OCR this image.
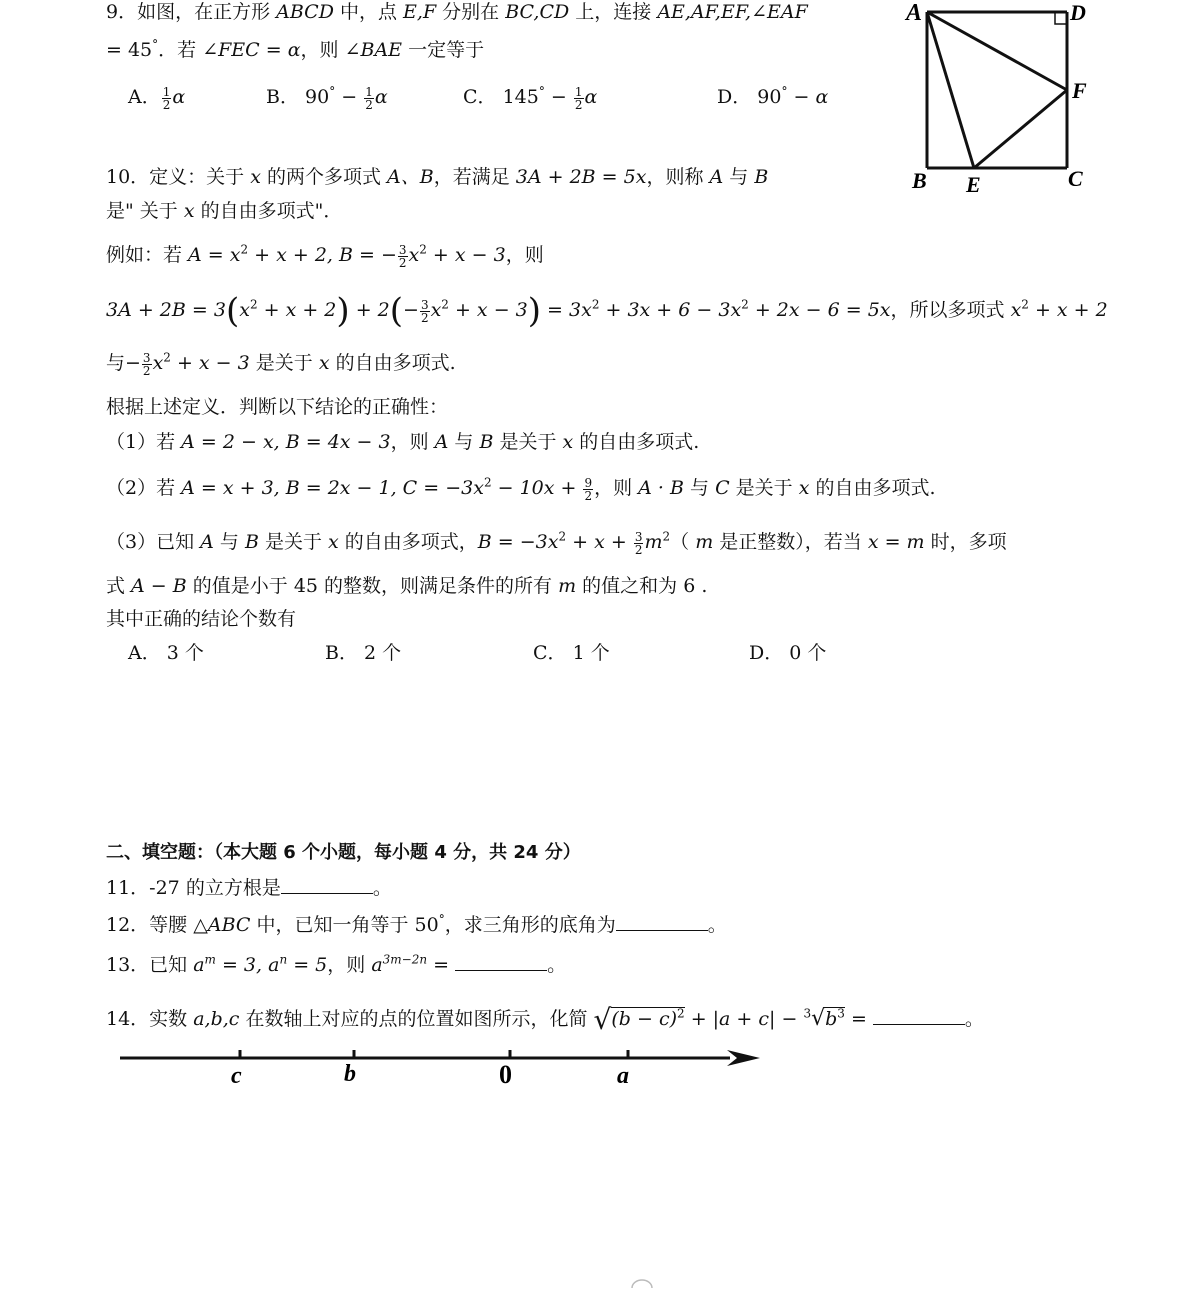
9．如图，在正方形 ABCD 中，点 E,F 分别在 BC,CD 上，连接 AE,AF,EF,∠EAF
= 45°．若 ∠FEC = α，则 ∠BAE 一定等于
A． $\frac{1}{2}$ α	B． $90^\circ - \frac{1}{2}$ α	C． $145^\circ - \frac{1}{2}$ α	D． 90° − α
A	D
F
B E	C
10．定义：关于 x 的两个多项式 A、B，若满足 3A + 2B = 5x，则称 A 与 B
是" 关于 x 的自由多项式"．
例如：若 $A = x^2 + x + 2$, B = − $\frac{3}{2} x^2 + x - 3$，则
$3A + 2B = 3(x^2 + x + 2) + 2(- \frac{3}{2} x^2 + x - 3) = 3x^2 + 3x + 6 - 3x^2 + 2x - 6 = 5x$，所以多项式 $x^2 + x + 2$
与− $\frac{3}{2} x^2 + x - 3$ 是关于 x 的自由多项式.
根据上述定义．判断以下结论的正确性：
（1）若 A = 2 − x, B = 4x − 3，则 A 与 B 是关于 x 的自由多项式.
（2）若 A = x + 3, B = 2x − 1, $C = -3x^2 - 10x + \frac{9}{2}$ ，则 A · B 与 C 是关于 x 的自由多项式.
（3）已知 A 与 B 是关于 x 的自由多项式，$B = -3x^2 + x + \frac{3}{2} m^2$（ m 是正整数），若当 x = m 时，多项
式 A − B 的值是小于 45 的整数，则满足条件的所有 m 的值之和为 6 .
其中正确的结论个数有
A． 3 个	B． 2 个	C． 1 个	D． 0 个
二、填空题：（本大题 6 个小题，每小题 4 分，共 24 分）
11．-27 的立方根是	。
12．等腰 △ABC 中，已知一角等于 50°，求三角形的底角为	。
13．已知 $a^m = 3$, $a^n = 5$，则 $a^{3m-2n}$ =	。
14．实数 a,b,c 在数轴上对应的点的位置如图所示，化简 $√(b - c)^2 + |a + c| - ^3√b^3$ =	。
c	b	0	a
